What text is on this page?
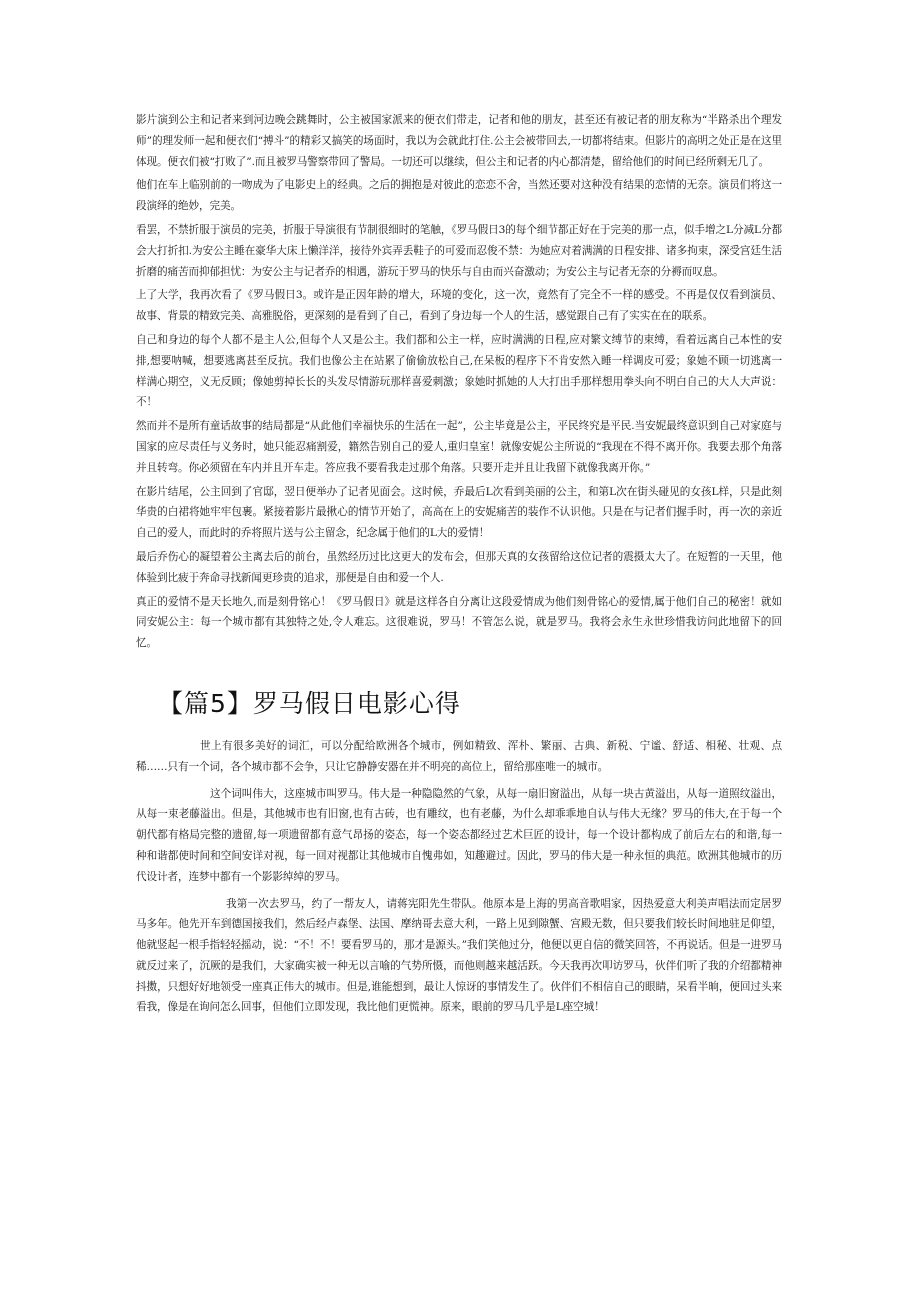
影片演到公主和记者来到河边晚会跳舞时，公主被国家派来的便衣们带走，记者和他的朋友，甚至还有被记者的朋友称为“半路杀出个理发师”的理发师一起和便衣们“搏斗”的精彩又搞笑的场面时，我以为会就此打住.公主会被带回去,一切都将结束。但影片的高明之处正是在这里体现。便衣们被“打败了”.而且被罗马警察带回了警局。一切还可以继续，但公主和记者的内心都清楚，留给他们的时间已经所剩无几了。

他们在车上临别前的一吻成为了电影史上的经典。之后的拥抱是对彼此的恋恋不舍，当然还要对这种没有结果的恋情的无奈。演员们将这一段演绎的绝妙，完美。

看罢，不禁折服于演员的完美，折服于导演很有节制很细时的笔触，《罗马假日3的每个细节都正好在于完美的那一点，似手增之L分减L分都会大打折扣.为安公主睡在豪华大床上懒洋洋，接待外宾弄丢鞋子的可爱而忍俊不禁：为她应对着满满的日程安排、诸多拘束，深受宫廷生活折磨的痛苦而抑郁担忧：为安公主与记者乔的相遇，游玩于罗马的快乐与自由而兴奋激动；为安公主与记者无奈的分褥而叹息。

上了大学，我再次看了《罗马假日3。或许是正因年龄的增大，环境的变化，这一次，竟然有了完全不一样的感受。不再是仅仅看到演员、故事、背景的精致完美、高雅脱俗，更深刻的是看到了自己，看到了身边每一个人的生活，感觉跟自己有了实实在在的联系。

自己和身边的每个人都不是主人公,但每个人又是公主。我们都和公主一样，应时满满的日程,应对繁文缚节的束缚，看着远离自己本性的安排,想要呐喊，想要逃离甚至反抗。我们也像公主在站累了偷偷放松自己,在呆板的程序下不肯安然入睡一样调皮可爱；象她不顾一切逃离一样满心期空，义无反顾；像她剪掉长长的头发尽情游玩那样喜爱刺激；象她时抓她的人大打出手那样想用拳头向不明白自己的大人大声说：不！

然而并不是所有童话故事的结局都是“从此他们幸福快乐的生活在一起”，公主毕竟是公主，平民终究是平民.当安妮最终意识到自己对家庭与国家的应尽责任与义务时，她只能忍痛割爱，籍然告别自己的爱人,重归皇室！就像安妮公主所说的“我现在不得不离开你。我要去那个角落并且转弯。你必须留在车内并且开车走。答应我不要看我走过那个角落。只要开走并且让我留下就像我离开你。”

在影片结尾，公主回到了官邸，翌日便举办了记者见面会。这时候，乔最后L次看到美丽的公主，和第L次在街头碰见的女孩L样，只是此刻华贵的白裙将她牢牢包裹。紧接着影片最揪心的情节开始了，高高在上的安妮痛苦的装作不认识他。只是在与记者们握手时，再一次的亲近自己的爱人，而此时的乔将照片送与公主留念，纪念属于他们的L大的爱情！

最后乔伤心的凝望着公主离去后的前台，虽然经历过比这更大的发布会，但那天真的女孩留给这位记者的震摄太大了。在短暂的一天里，他体验到比疲于奔命寻找新闻更珍贵的追求，那便是自由和爱一个人.

真正的爱情不是天长地久,而是刻骨铭心！《罗马假日》就是这样各自分离让这段爱情成为他们刻骨铭心的爱情,属于他们自己的秘密！就如同安妮公主：每一个城市都有其独特之处,令人难忘。这很难说，罗马！不管怎么说，就是罗马。我将会永生永世珍惜我访问此地留下的回忆。

【篇5】罗马假日电影心得

世上有很多美好的词汇，可以分配给欧洲各个城市，例如精致、浑朴、繁丽、古典、新税、宁谧、舒适、相秘、壮观、点稀……只有一个词，各个城市都不会争，只让它静静安器在并不明亮的高位上，留给那座唯一的城市。

这个词叫伟大，这座城市叫罗马。伟大是一种隐隐然的气象，从每一扇旧窗溢出，从每一块古黄溢出，从每一道照纹溢出，从每一束老藤溢出。但是，其他城市也有旧窗,也有古砖，也有雕纹，也有老藤，为什么却乖乖地自认与伟大无缘？罗马的伟大,在于每一个朝代都有格局完整的遗留,每一项遗留都有意气昂扬的姿态，每一个姿态都经过艺术巨匠的设计，每一个设计都构成了前后左右的和谐,每一种和谐都使时间和空间安详对视，每一回对视都让其他城市自愧弗如，知趣避过。因此，罗马的伟大是一种永恒的典范。欧洲其他城市的历代设计者，连梦中都有一个影影绰绰的罗马。

我第一次去罗马，约了一帮友人，请蒋宪阳先生带队。他原本是上海的男高音歌唱家，因热爱意大利美声唱法而定居罗马多年。他先开车到德国接我们，然后经卢森堡、法国、摩纳哥去意大利，一路上见到隙蟹、宫殿无数，但只要我们较长时间地驻足仰望，他就竖起一根手指轻轻摇动，说：“不！不！要看罗马的，那才是源头。”我们笑他过分，他便以更自信的微笑回答，不再说话。但是一进罗马就反过来了，沉厥的是我们，大家确实被一种无以言喻的气势所慑，而他则越来越活跃。今天我再次叩访罗马，伙伴们听了我的介绍都精神抖擞，只想好好地领受一座真正伟大的城市。但是,谁能想到，最让人惊讶的事情发生了。伙伴们不相信自己的眼睛，呆看半晌，便回过头来看我，像是在询问怎么回事，但他们立即发现，我比他们更慌神。原来，眼前的罗马几乎是L座空城！
